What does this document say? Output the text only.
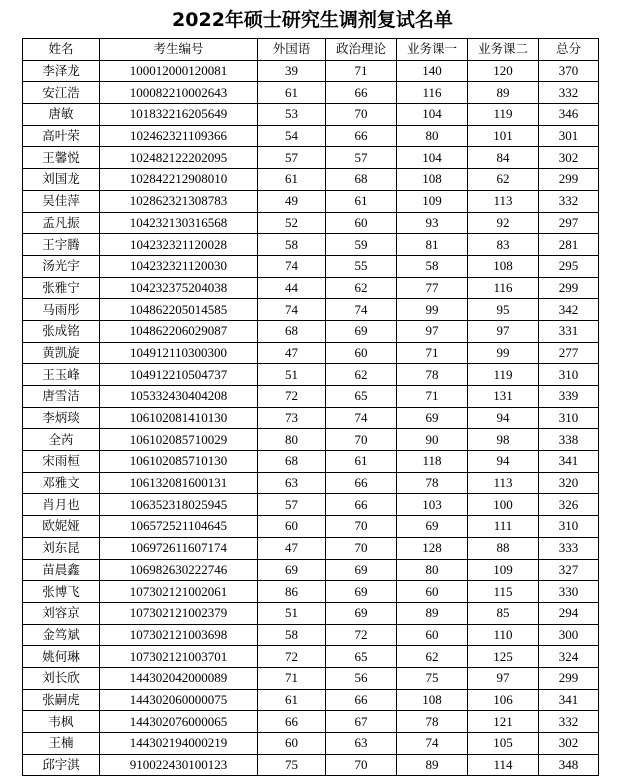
2022年硕士研究生调剂复试名单
姓名	考生编号	外国语	政治理论	业务课一	业务课二	总分
李泽龙	100012000120081	39	71	140	120	370
安江浩	100082210002643	61	66	116	89	332
唐敏	101832216205649	53	70	104	119	346
高叶荣	102462321109366	54	66	80	101	301
王馨悦	102482122202095	57	57	104	84	302
刘国龙	102842212908010	61	68	108	62	299
吴佳萍	102862321308783	49	61	109	113	332
孟凡振	104232130316568	52	60	93	92	297
王宇腾	104232321120028	58	59	81	83	281
汤光宇	104232321120030	74	55	58	108	295
张雅宁	104232375204038	44	62	77	116	299
马雨彤	104862205014585	74	74	99	95	342
张成铭	104862206029087	68	69	97	97	331
黄凯旋	104912110300300	47	60	71	99	277
王玉峰	104912210504737	51	62	78	119	310
唐雪洁	105332430404208	72	65	71	131	339
李炳琰	106102081410130	73	74	69	94	310
全芮	106102085710029	80	70	90	98	338
宋雨桓	106102085710130	68	61	118	94	341
邓雅文	106132081600131	63	66	78	113	320
肖月也	106352318025945	57	66	103	100	326
欧妮娅	106572521104645	60	70	69	111	310
刘东昆	106972611607174	47	70	128	88	333
苗晨鑫	106982630222746	69	69	80	109	327
张博飞	107302121002061	86	69	60	115	330
刘容京	107302121002379	51	69	89	85	294
金笃斌	107302121003698	58	72	60	110	300
姚何琳	107302121003701	72	65	62	125	324
刘长欣	144302042000089	71	56	75	97	299
张嗣虎	144302060000075	61	66	108	106	341
韦枫	144302076000065	66	67	78	121	332
王楠	144302194000219	60	63	74	105	302
邱宇淇	910022430100123	75	70	89	114	348
